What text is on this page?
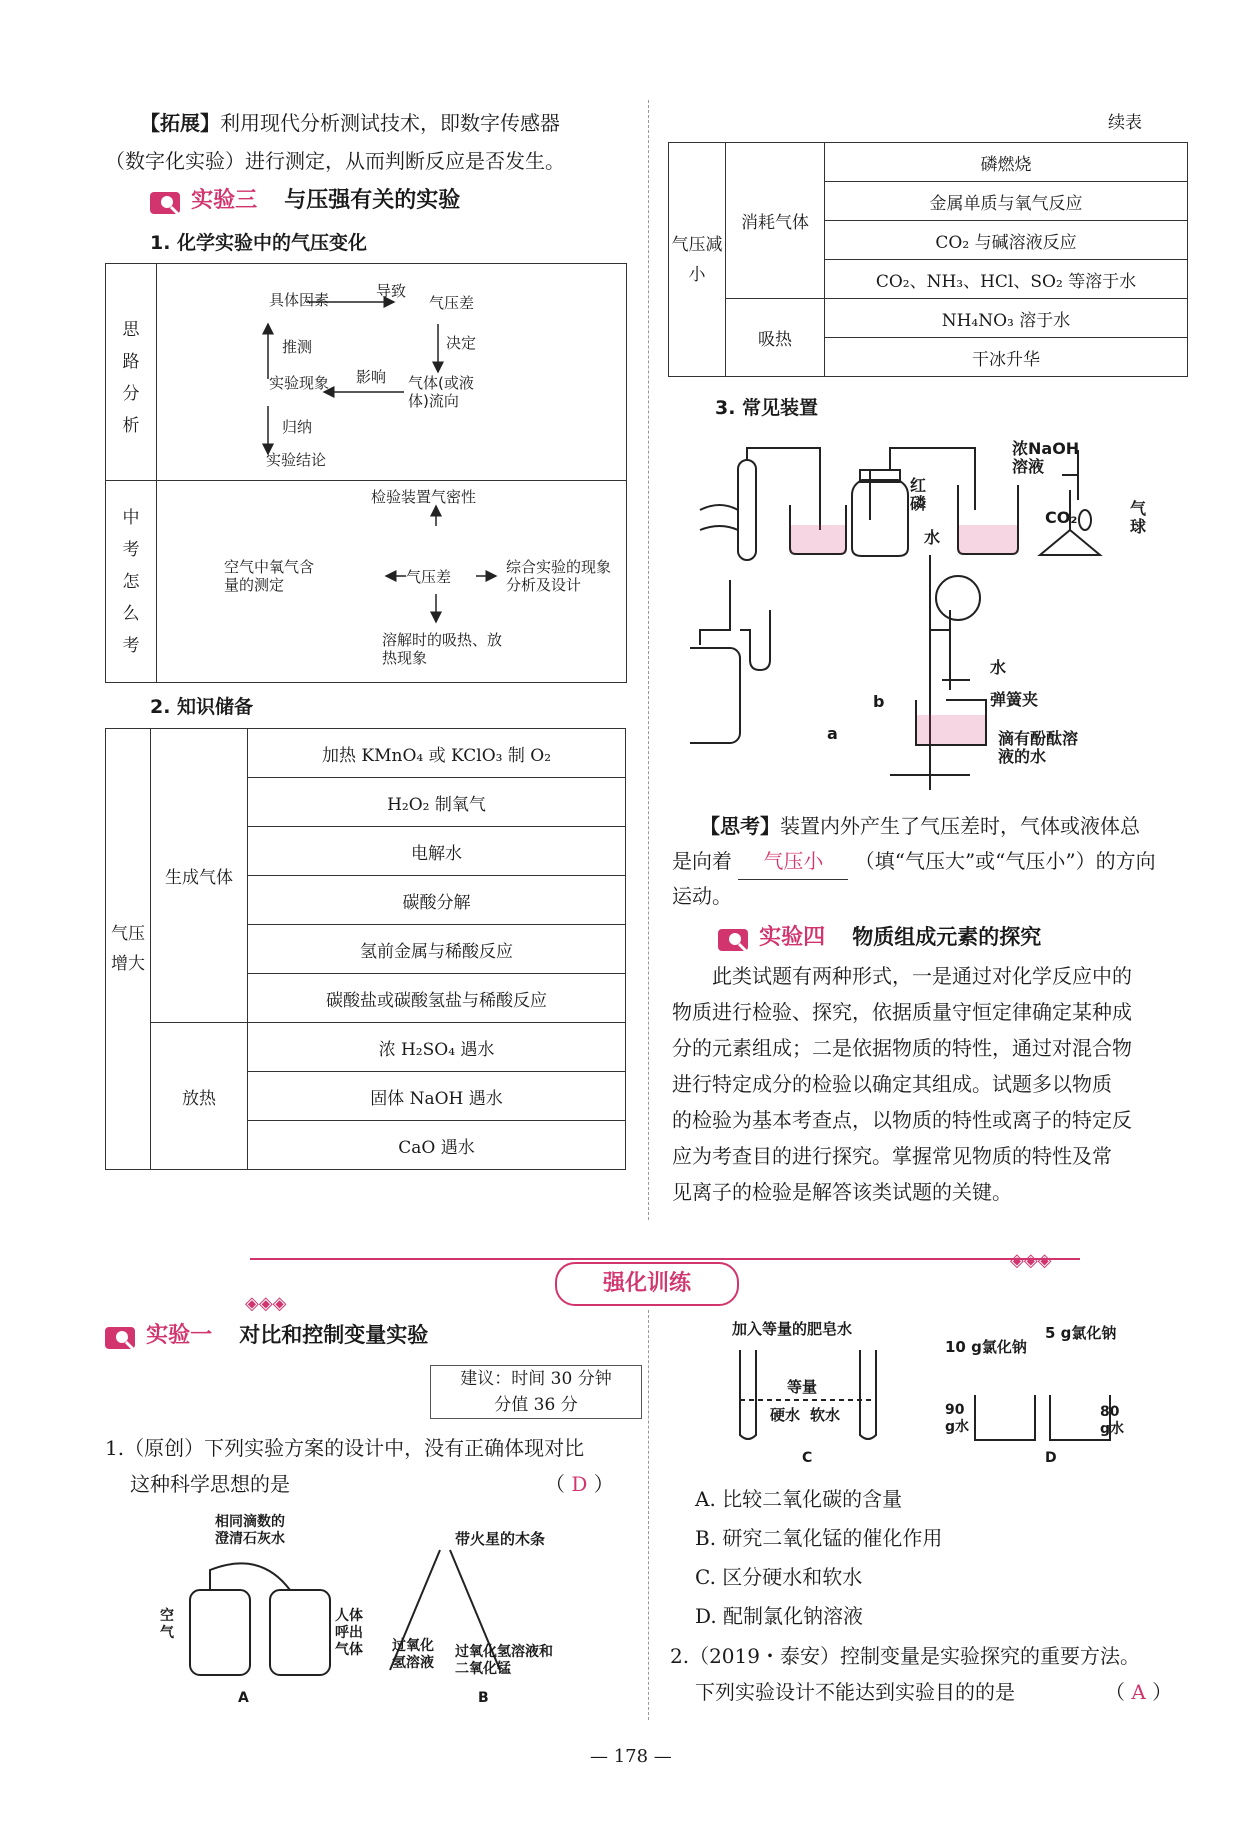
【拓展】利用现代分析测试技术，即数字传感器
（数字化实验）进行测定，从而判断反应是否发生。
实验三 与压强有关的实验
1. 化学实验中的气压变化
思路分析
中考怎么考
具体因素	气压差
实验现象	气体(或液体)流向
实验结论
导致
推测	决定
影响
归纳
检验装置气密性
气压差
空气中氧气含量的测定
综合实验的现象分析及设计
溶解时的吸热、放热现象
2. 知识储备
气压增大	生成气体	加热 KMnO₄ 或 KClO₃ 制 O₂
		H₂O₂ 制氧气
		电解水
		碳酸分解
		氢前金属与稀酸反应
		碳酸盐或碳酸氢盐与稀酸反应
	放热	浓 H₂SO₄ 遇水
		固体 NaOH 遇水
		CaO 遇水
续表
气压减小	消耗气体	磷燃烧
		金属单质与氧气反应
		CO₂ 与碱溶液反应
		CO₂、NH₃、HCl、SO₂ 等溶于水
	吸热	NH₄NO₃ 溶于水
		干冰升华
3. 常见装置
红磷
水
浓NaOH溶液
CO₂	气球
水
弹簧夹
滴有酚酞溶液的水
a
b
【思考】装置内外产生了气压差时，气体或液体总
是向着 气压小 （填“气压大”或“气压小”）的方向
运动。
实验四 物质组成元素的探究
此类试题有两种形式，一是通过对化学反应中的
物质进行检验、探究，依据质量守恒定律确定某种成
分的元素组成；二是依据物质的特性，通过对混合物
进行特定成分的检验以确定其组成。试题多以物质
的检验为基本考查点，以物质的特性或离子的特定反
应为考查目的进行探究。掌握常见物质的特性及常
见离子的检验是解答该类试题的关键。
◈◈◈
◈◈◈
强化训练
实验一 对比和控制变量实验
建议：时间 30 分钟
分值 36 分
1.（原创）下列实验方案的设计中，没有正确体现对比
这种科学思想的是	（ D ）
相同滴数的澄清石灰水
空气
人体呼出气体
A
带火星的木条
过氧化氢溶液
过氧化氢溶液和二氧化锰
B
加入等量的肥皂水
等量
硬水 软水
C
10 g氯化钠
5 g氯化钠
90 g水
80 g水
D
A. 比较二氧化碳的含量
B. 研究二氧化锰的催化作用
C. 区分硬水和软水
D. 配制氯化钠溶液
2.（2019・泰安）控制变量是实验探究的重要方法。
下列实验设计不能达到实验目的的是	（ A ）
— 178 —
